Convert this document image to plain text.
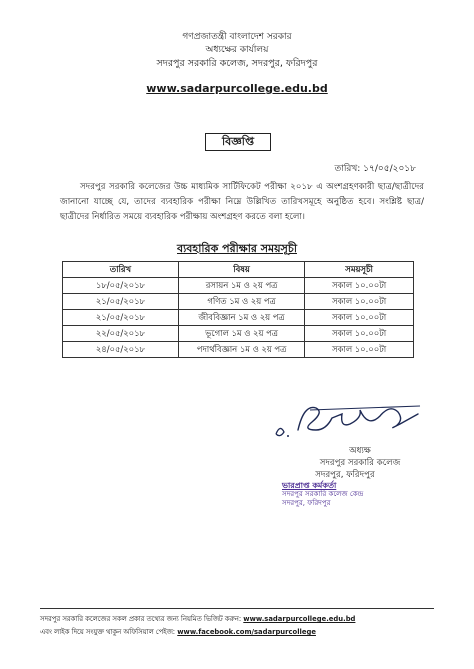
গণপ্রজাতন্ত্রী বাংলাদেশ সরকার
অধ্যক্ষের কার্যালয়
সদরপুর সরকারি কলেজ, সদরপুর, ফরিদপুর
www.sadarpurcollege.edu.bd
বিজ্ঞপ্তি
তারিখ: ১৭/০৫/২০১৮
সদরপুর সরকারি কলেজের উচ্চ মাধ্যমিক সার্টিফিকেট পরীক্ষা ২০১৮ এ অংশগ্রহণকারী ছাত্র/ছাত্রীদের জানানো যাচ্ছে যে, তাদের ব্যবহারিক পরীক্ষা নিম্নে উল্লিখিত তারিখসমূহে অনুষ্ঠিত হবে। সংশ্লিষ্ট ছাত্র/ছাত্রীদের নির্ধারিত সময়ে ব্যবহারিক পরীক্ষায় অংশগ্রহণ করতে বলা হলো।
ব্যবহারিক পরীক্ষার সময়সূচী
তারিখ	বিষয়	সময়সূচী
১৮/০৫/২০১৮	রসায়ন ১ম ও ২য় পত্র	সকাল ১০.০০টা
২১/০৫/২০১৮	গণিত ১ম ও ২য় পত্র	সকাল ১০.০০টা
২১/০৫/২০১৮	জীববিজ্ঞান ১ম ও ২য় পত্র	সকাল ১০.০০টা
২২/০৫/২০১৮	ভূগোল ১ম ও ২য় পত্র	সকাল ১০.০০টা
২৪/০৫/২০১৮	পদার্থবিজ্ঞান ১ম ও ২য় পত্র	সকাল ১০.০০টা
অধ্যক্ষ
সদরপুর সরকারি কলেজ
সদরপুর, ফরিদপুর
ভারপ্রাপ্ত কর্মকর্তা
সদরপুর সরকারি কলেজ কেন্দ্র
সদরপুর, ফরিদপুর
সদরপুর সরকারি কলেজের সকল প্রকার তথ্যের জন্য নিয়মিত ভিজিট করুন: www.sadarpurcollege.edu.bd
এবং লাইক দিয়ে সংযুক্ত থাকুন অফিসিয়াল পেইজ: www.facebook.com/sadarpurcollege
